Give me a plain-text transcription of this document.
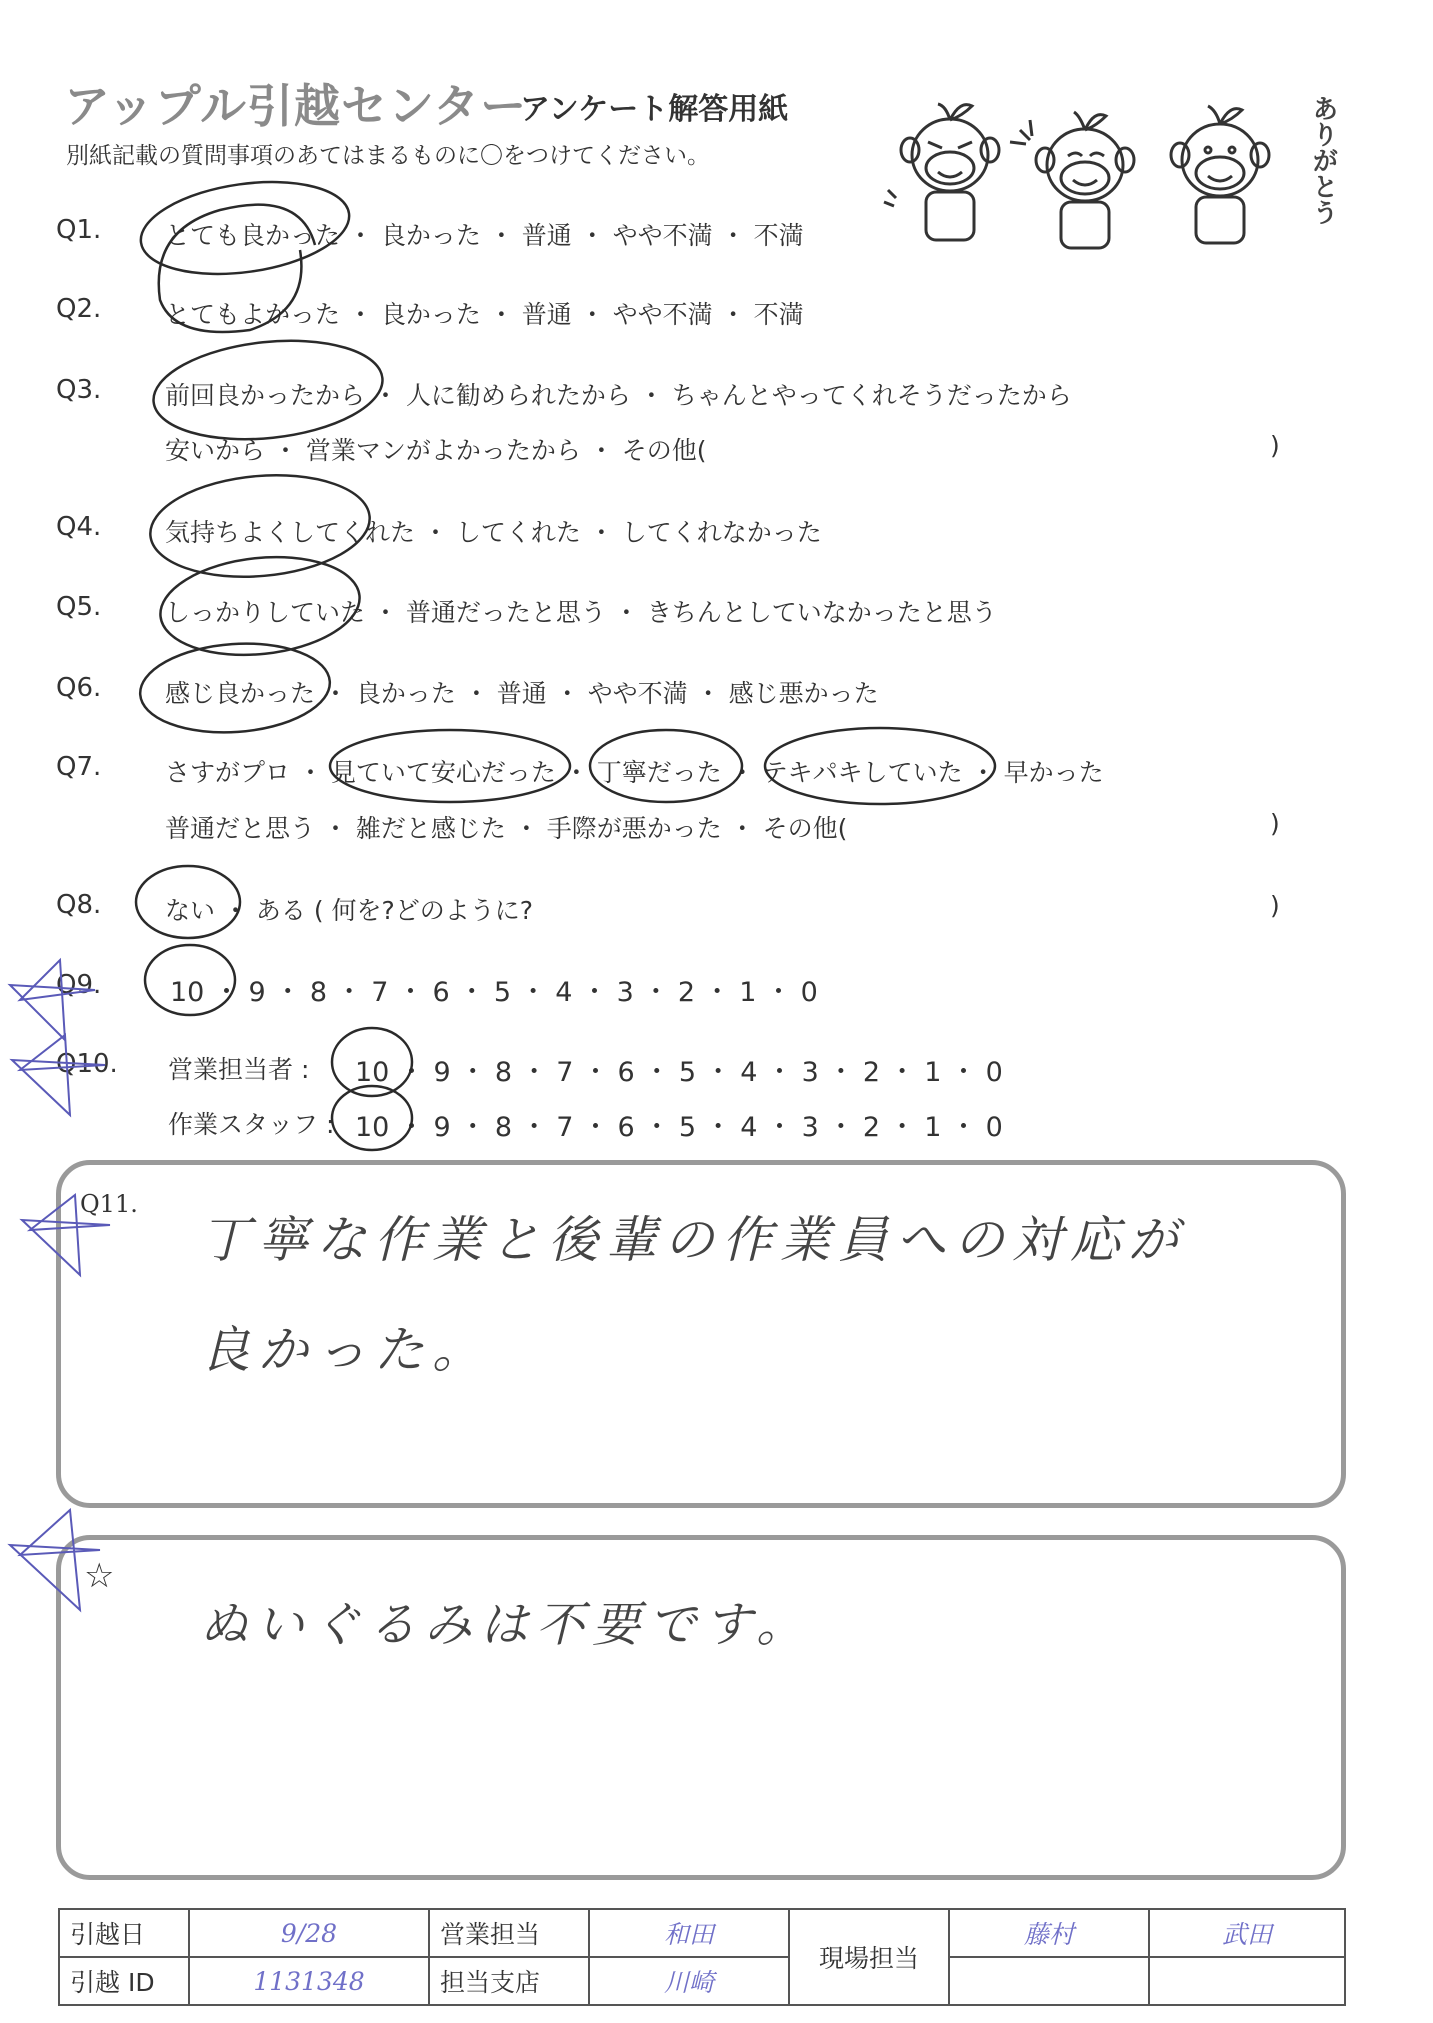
アップル引越センター
アンケート解答用紙
別紙記載の質問事項のあてはまるものに〇をつけてください。	ありがとう
Q1.	とても良かった ・ 良かった ・ 普通 ・ やや不満 ・ 不満
Q2.	とてもよかった ・ 良かった ・ 普通 ・ やや不満 ・ 不満
Q3.	前回良かったから ・ 人に勧められたから ・ ちゃんとやってくれそうだったから
安いから ・ 営業マンがよかったから ・ その他(	)
Q4.	気持ちよくしてくれた ・ してくれた ・ してくれなかった
Q5.	しっかりしていた ・ 普通だったと思う ・ きちんとしていなかったと思う
Q6.	感じ良かった ・ 良かった ・ 普通 ・ やや不満 ・ 感じ悪かった
Q7.	さすがプロ ・ 見ていて安心だった ・ 丁寧だった ・ テキパキしていた ・ 早かった
普通だと思う ・ 雑だと感じた ・ 手際が悪かった ・ その他(	)
Q8.	ない ・ ある ( 何を?どのように?	)
Q9.	10 ・ 9 ・ 8 ・ 7 ・ 6 ・ 5 ・ 4 ・ 3 ・ 2 ・ 1 ・ 0
Q10. 営業担当者 : 10 ・ 9 ・ 8 ・ 7 ・ 6 ・ 5 ・ 4 ・ 3 ・ 2 ・ 1 ・ 0
作業スタッフ : 10 ・ 9 ・ 8 ・ 7 ・ 6 ・ 5 ・ 4 ・ 3 ・ 2 ・ 1 ・ 0
Q11.
丁寧な作業と後輩の作業員への対応が
良かった。
☆
ぬいぐるみは不要です。
引越日	9/28	営業担当	和田	現場担当	藤村	武田
引越 ID	1131348	担当支店	川崎			
